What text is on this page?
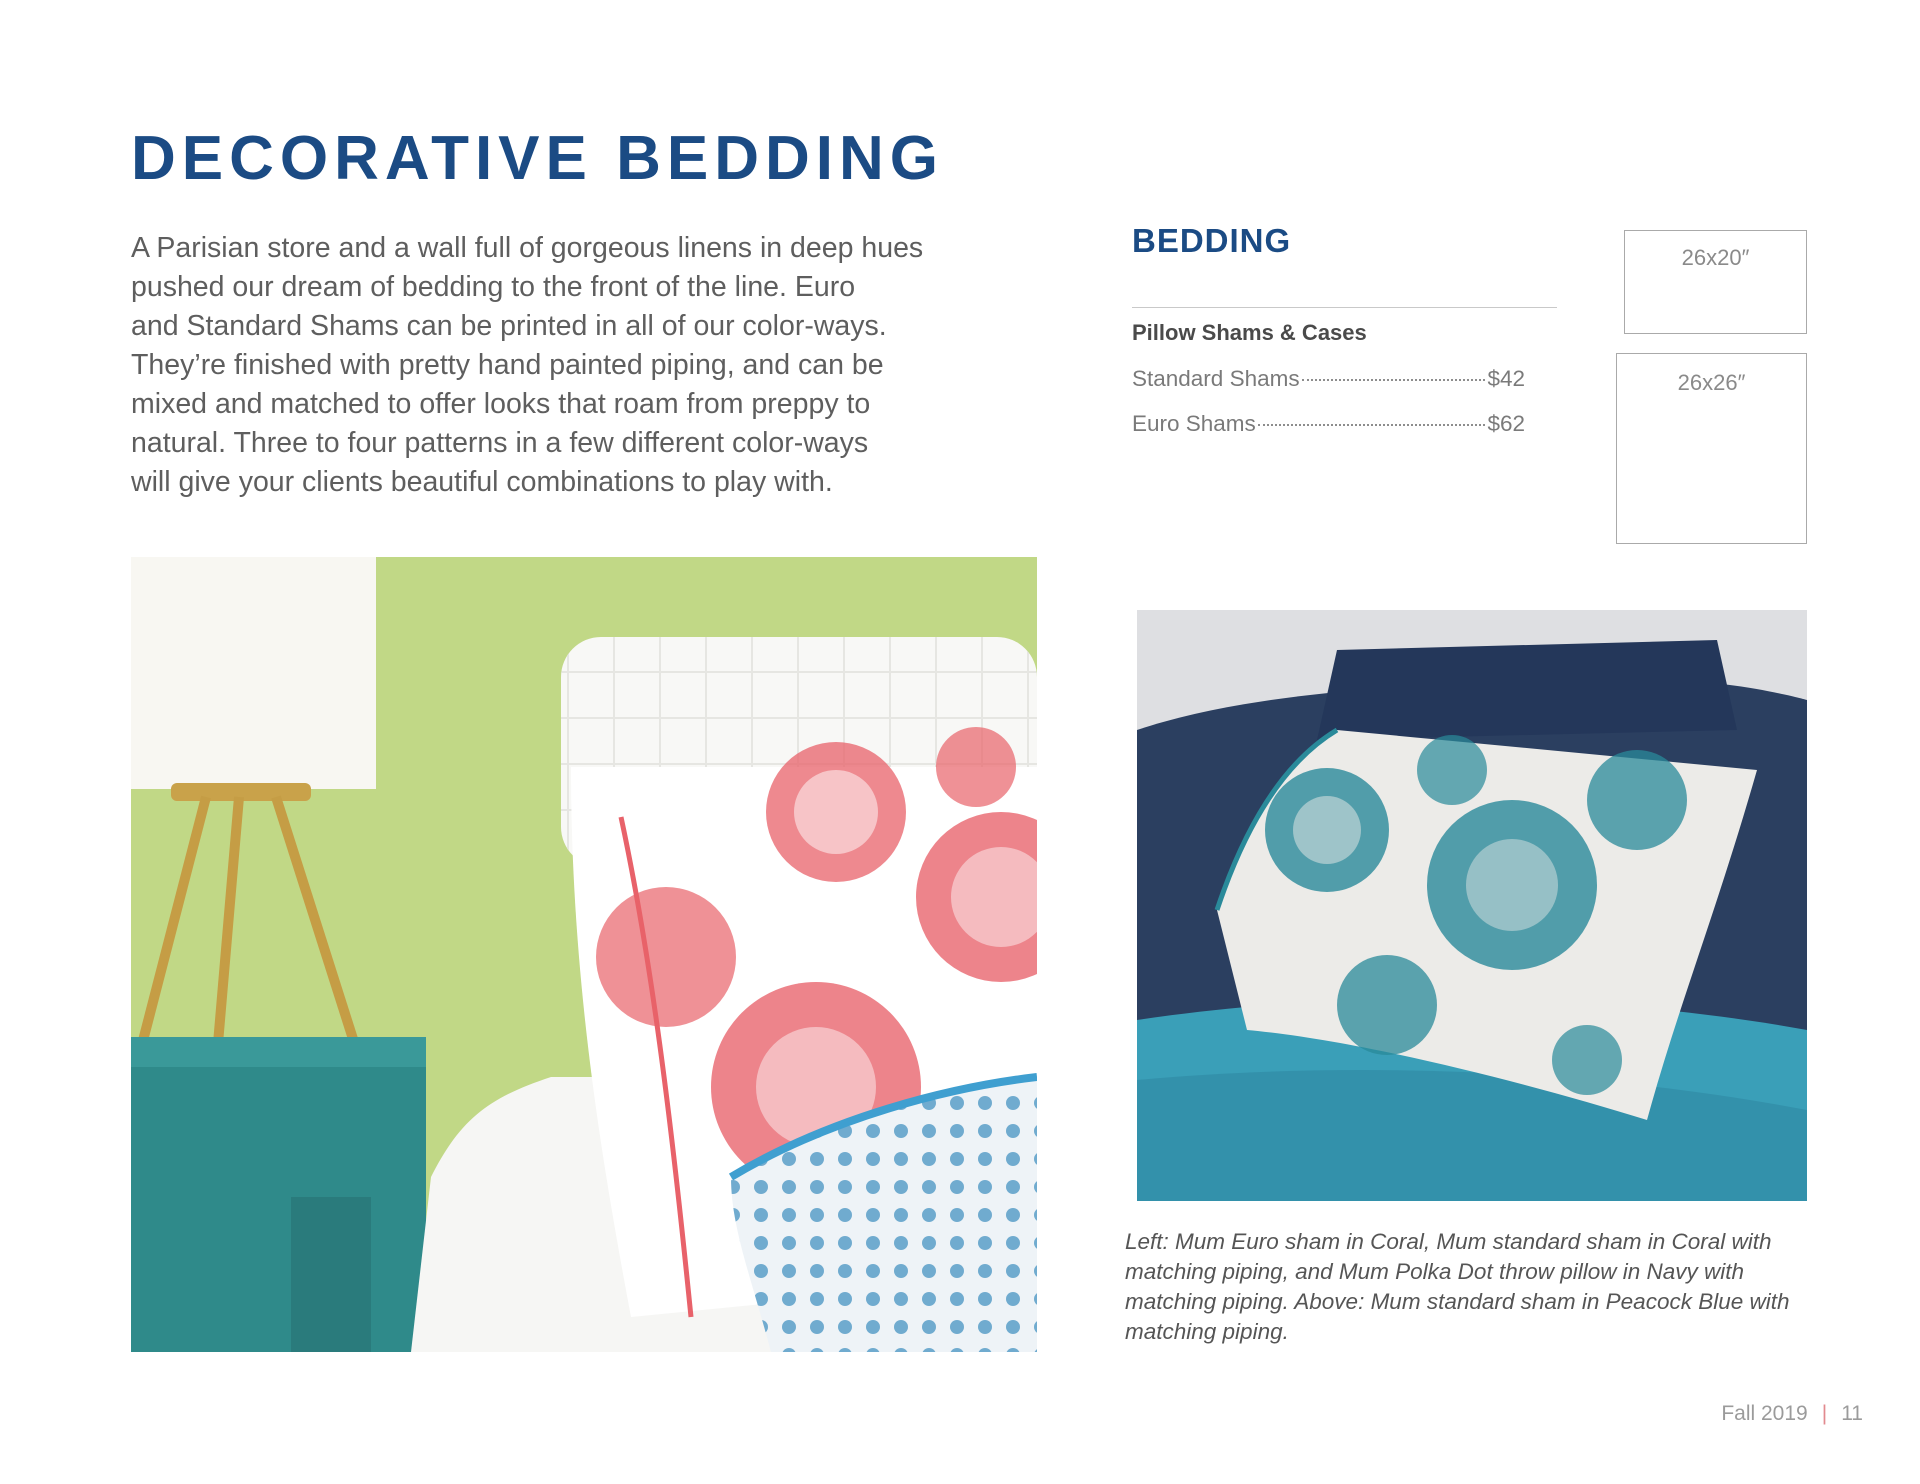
DECORATIVE BEDDING

A Parisian store and a wall full of gorgeous linens in deep hues

pushed our dream of bedding to the front of the line. Euro

and Standard Shams can be printed in all of our color-ways.

They’re finished with pretty hand painted piping, and can be

mixed and matched to offer looks that roam from preppy to

natural. Three to four patterns in a few different color-ways

will give your clients beautiful combinations to play with.

BEDDING
Pillow Shams & Cases
Standard Shams	$42
Euro Shams	$62
26x20″
26x26″
Left: Mum Euro sham in Coral, Mum standard sham in Coral with matching piping, and Mum Polka Dot throw pillow in Navy with matching piping. Above: Mum standard sham in Peacock Blue with matching piping.
Fall 2019 | 11
